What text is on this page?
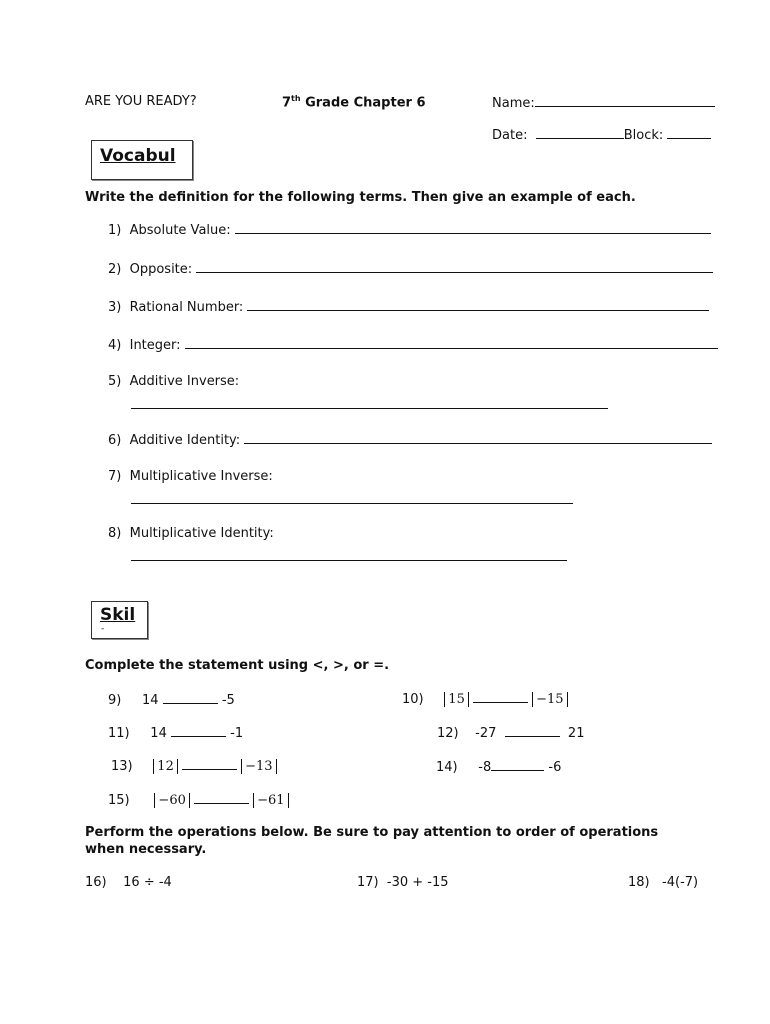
ARE YOU READY?	7th Grade Chapter 6	Name:
Date:	Block:
Vocabul
Write the definition for the following terms. Then give an example of each.
1) Absolute Value:
2) Opposite:
3) Rational Number:
4) Integer:
5) Additive Inverse:
6) Additive Identity:
7) Multiplicative Inverse:
8) Multiplicative Identity:
Skil
-
Complete the statement using <, >, or =.
9) 14	-5	10) 15	−15
11) 14	-1	12) -27	21
13) 12	−13	14) -8	-6
15) −60	−61
Perform the operations below. Be sure to pay attention to order of operations
when necessary.
16) 16 ÷ -4	17) -30 + -15	18) -4(-7)
